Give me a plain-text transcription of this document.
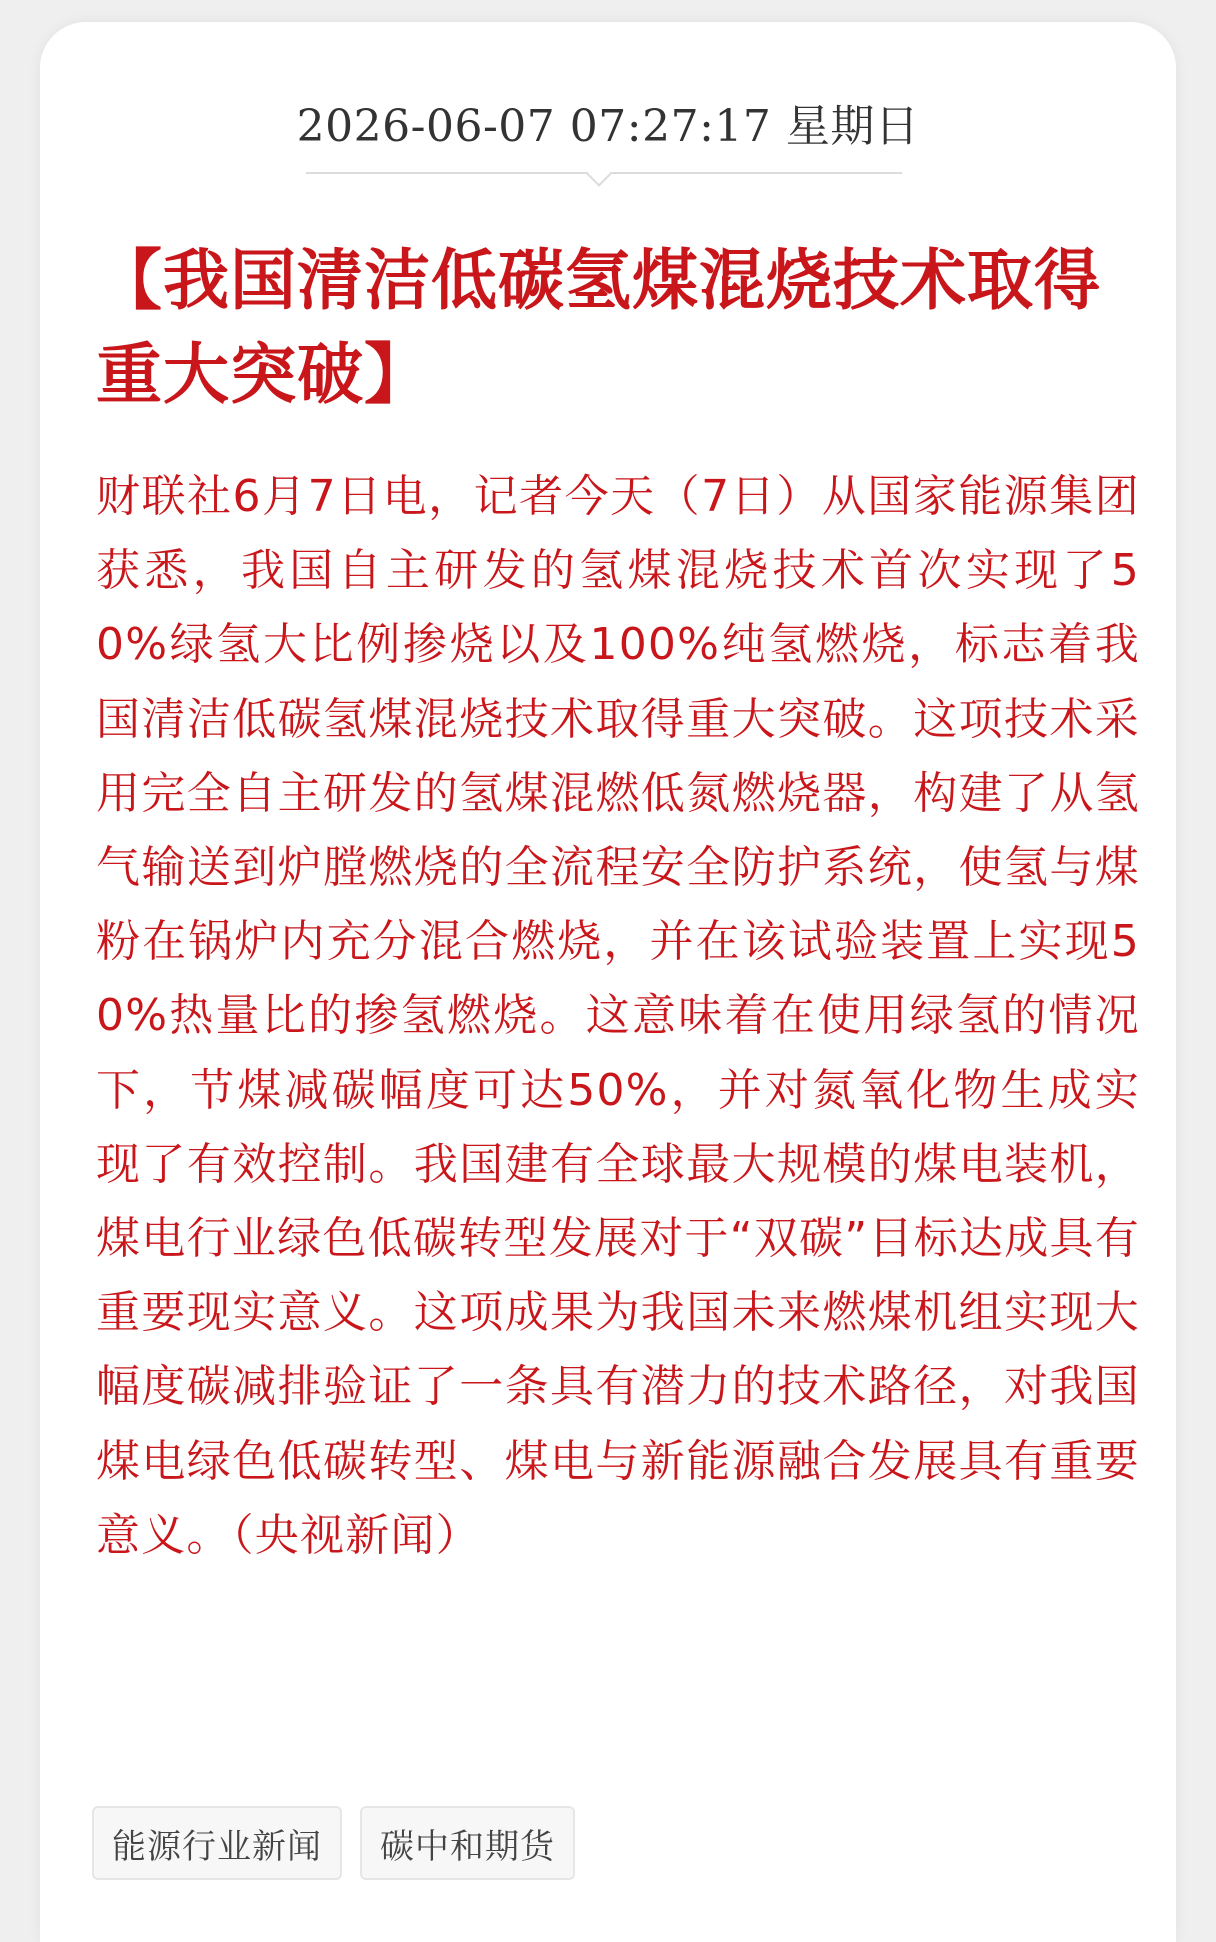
2026-06-07 07:27:17 星期日
【我国清洁低碳氢煤混烧技术取得重大突破】

财联社6月7日电，记者今天（7日）从国家能源集团获悉，我国自主研发的氢煤混烧技术首次实现了50%绿氢大比例掺烧以及100%纯氢燃烧，标志着我国清洁低碳氢煤混烧技术取得重大突破。这项技术采用完全自主研发的氢煤混燃低氮燃烧器，构建了从氢气输送到炉膛燃烧的全流程安全防护系统，使氢与煤粉在锅炉内充分混合燃烧，并在该试验装置上实现50%热量比的掺氢燃烧。这意味着在使用绿氢的情况下，节煤减碳幅度可达50%，并对氮氧化物生成实现了有效控制。我国建有全球最大规模的煤电装机，煤电行业绿色低碳转型发展对于“双碳”目标达成具有重要现实意义。这项成果为我国未来燃煤机组实现大幅度碳减排验证了一条具有潜力的技术路径，对我国煤电绿色低碳转型、煤电与新能源融合发展具有重要意义。（央视新闻）

能源行业新闻	碳中和期货
